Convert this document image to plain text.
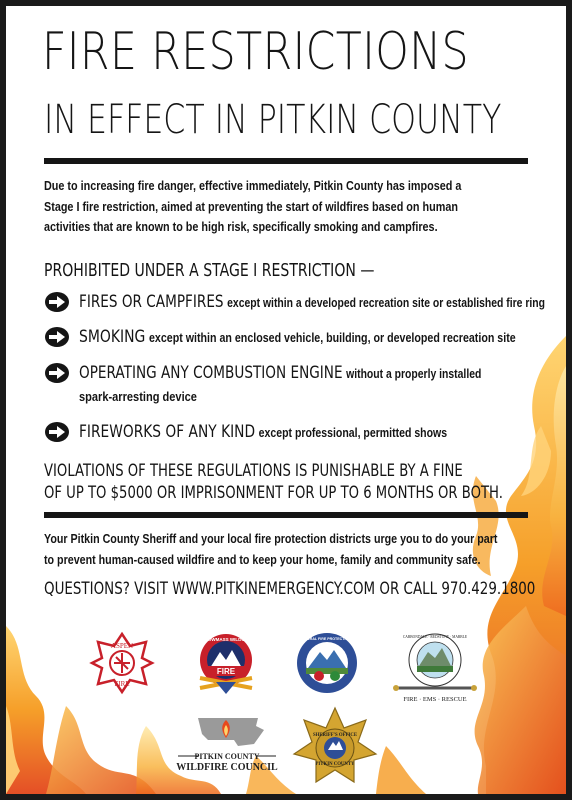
FIRE RESTRICTIONS
IN EFFECT IN PITKIN COUNTY
Due to increasing fire danger, effective immediately, Pitkin County has imposed a
Stage I fire restriction, aimed at preventing the start of wildfires based on human
activities that are known to be high risk, specifically smoking and campfires.
PROHIBITED UNDER A STAGE I RESTRICTION —
FIRES OR CAMPFIRES except within a developed recreation site or established fire ring
SMOKING except within an enclosed vehicle, building, or developed recreation site
OPERATING ANY COMBUSTION ENGINE without a properly installed
spark-arresting device
FIREWORKS OF ANY KIND except professional, permitted shows
VIOLATIONS OF THESE REGULATIONS IS PUNISHABLE BY A FINE
OF UP TO $5000 OR IMPRISONMENT FOR UP TO 6 MONTHS OR BOTH.
Your Pitkin County Sheriff and your local fire protection districts urge you to do your part
to prevent human-caused wildfire and to keep your home, family and community safe.
QUESTIONS? VISIT WWW.PITKINEMERGENCY.COM OR CALL 970.429.1800
ASPEN
FIRE
FIRE
SNOWMASS WILDCAT	BASALT & RURAL FIRE PROTECTION DISTRICT	CARBONDALE · REDSTONE · MARBLE
FIRE · EMS · RESCUE
PITKIN COUNTY
WILDFIRE COUNCIL
SHERIFF'S OFFICE
PITKIN COUNTY
